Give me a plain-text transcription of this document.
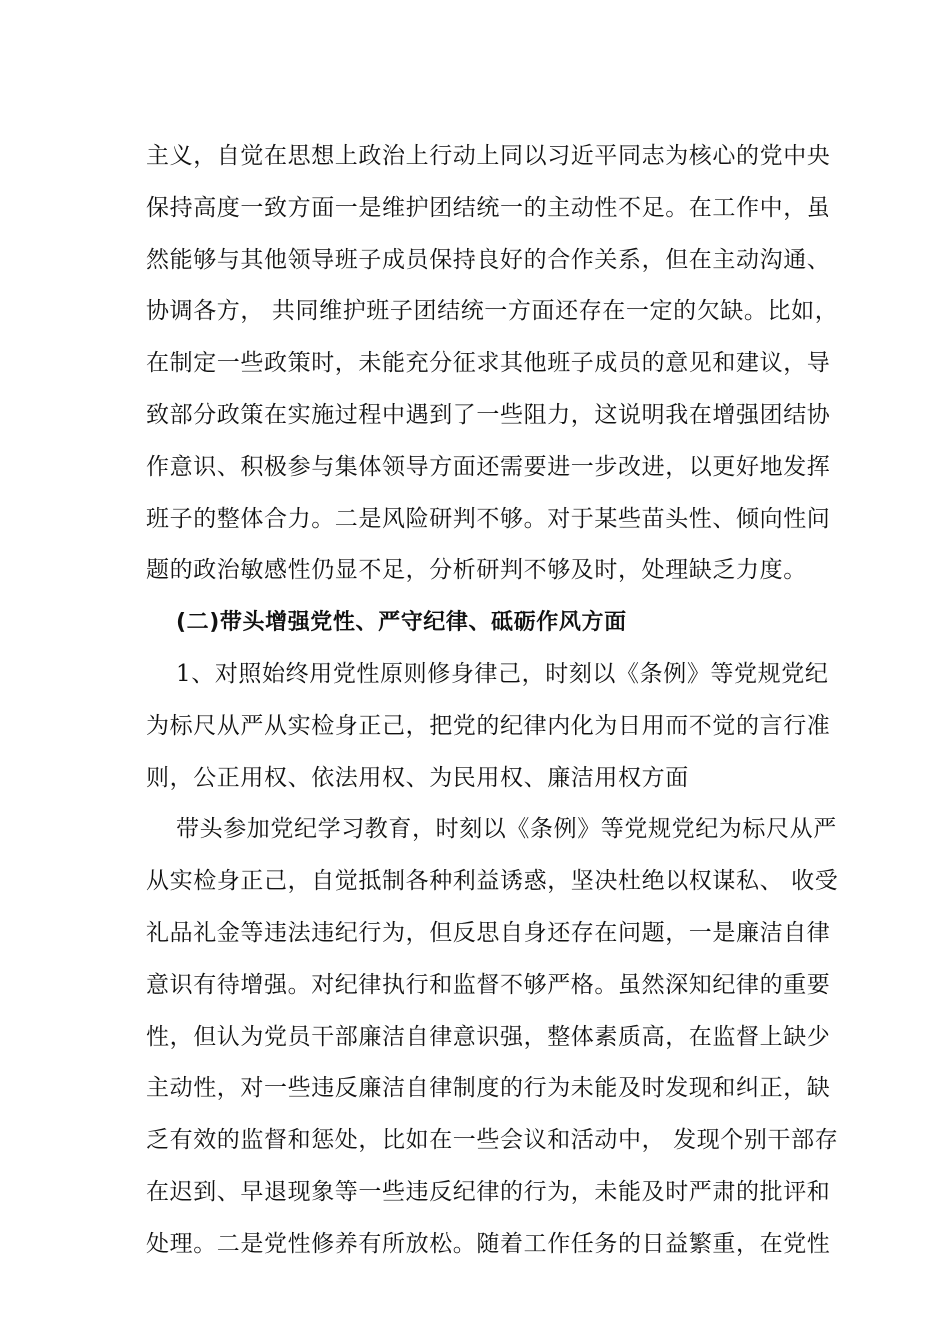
主义，自觉在思想上政治上行动上同以习近平同志为核心的党中央
保持高度一致方面一是维护团结统一的主动性不足。在工作中，虽
然能够与其他领导班子成员保持良好的合作关系，但在主动沟通、
协调各方， 共同维护班子团结统一方面还存在一定的欠缺。比如，
在制定一些政策时，未能充分征求其他班子成员的意见和建议，导
致部分政策在实施过程中遇到了一些阻力，这说明我在增强团结协
作意识、积极参与集体领导方面还需要进一步改进，以更好地发挥
班子的整体合力。二是风险研判不够。对于某些苗头性、倾向性问
题的政治敏感性仍显不足，分析研判不够及时，处理缺乏力度。
(二)带头增强党性、严守纪律、砥砺作风方面
1、对照始终用党性原则修身律己，时刻以《条例》等党规党纪
为标尺从严从实检身正己，把党的纪律内化为日用而不觉的言行准
则，公正用权、依法用权、为民用权、廉洁用权方面
带头参加党纪学习教育，时刻以《条例》等党规党纪为标尺从严
从实检身正己，自觉抵制各种利益诱惑，坚决杜绝以权谋私、 收受
礼品礼金等违法违纪行为，但反思自身还存在问题，一是廉洁自律
意识有待增强。对纪律执行和监督不够严格。虽然深知纪律的重要
性，但认为党员干部廉洁自律意识强，整体素质高，在监督上缺少
主动性，对一些违反廉洁自律制度的行为未能及时发现和纠正，缺
乏有效的监督和惩处，比如在一些会议和活动中， 发现个别干部存
在迟到、早退现象等一些违反纪律的行为，未能及时严肃的批评和
处理。二是党性修养有所放松。随着工作任务的日益繁重，在党性
